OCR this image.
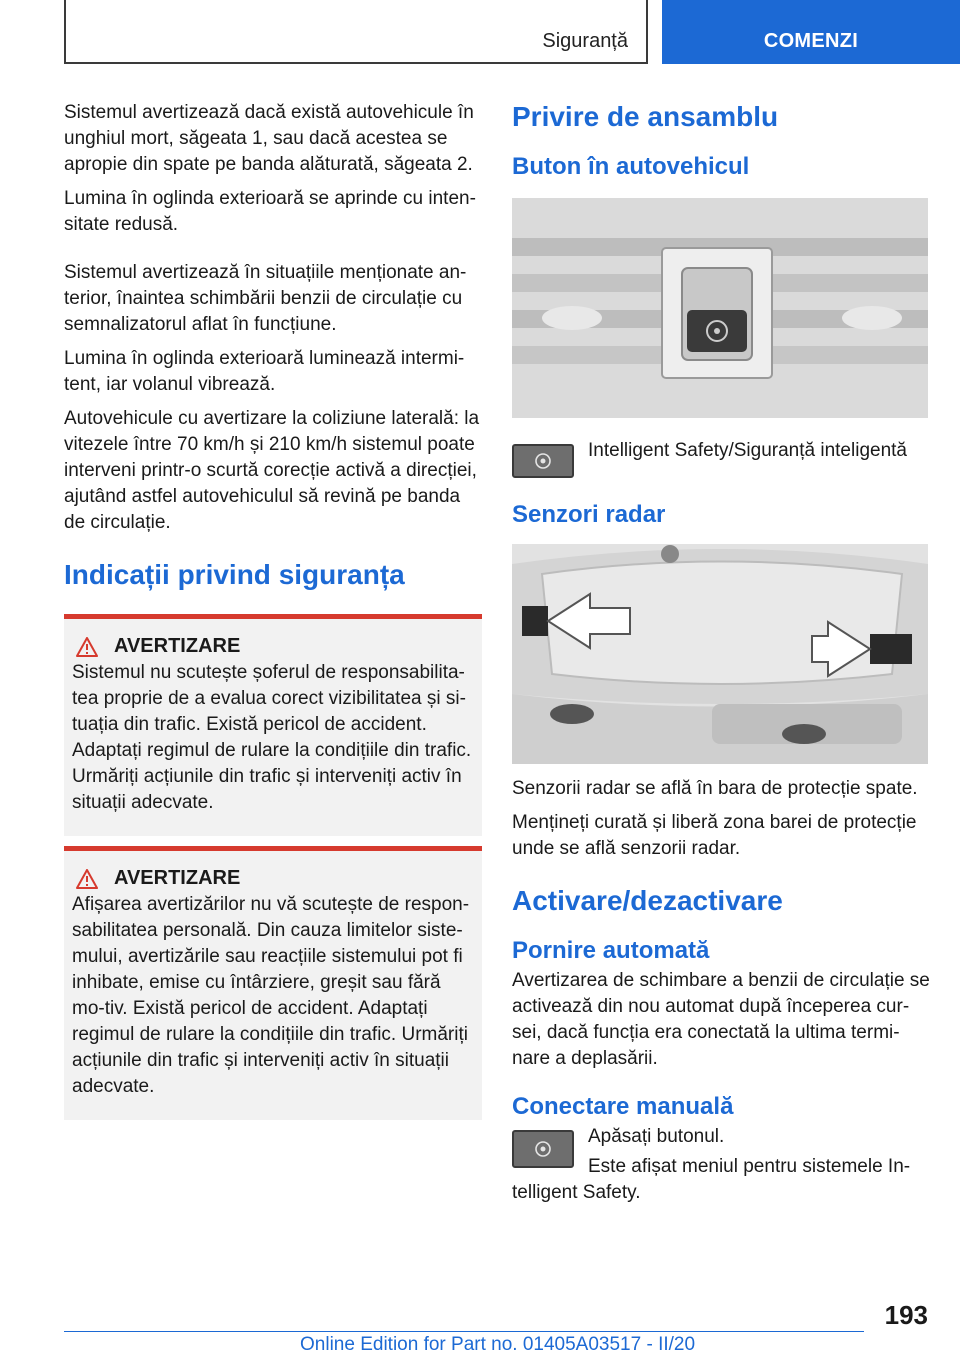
Siguranță	COMENZI

Sistemul avertizează dacă există autovehicule în unghiul mort, săgeata 1, sau dacă acestea se apropie din spate pe banda alăturată, săgeata 2.

Lumina în oglinda exterioară se aprinde cu inten‐sitate redusă.

Sistemul avertizează în situațiile menționate an‐terior, înaintea schimbării benzii de circulație cu semnalizatorul aflat în funcțiune.

Lumina în oglinda exterioară luminează intermi‐tent, iar volanul vibrează.

Autovehicule cu avertizare la coliziune laterală: la vitezele între 70 km/h și 210 km/h sistemul poate interveni printr-o scurtă corecție activă a direcției, ajutând astfel autovehiculul să revină pe banda de circulație.

Indicații privind siguranța
AVERTIZARE

Sistemul nu scutește șoferul de responsabilita‐tea proprie de a evalua corect vizibilitatea și si‐tuația din trafic. Există pericol de accident. Adaptați regimul de rulare la condițiile din trafic. Urmăriți acțiunile din trafic și interveniți activ în situații adecvate.

AVERTIZARE

Afișarea avertizărilor nu vă scutește de respon‐sabilitatea personală. Din cauza limitelor siste‐mului, avertizările sau reacțiile sistemului pot fi inhibate, emise cu întârziere, greșit sau fără mo‐tiv. Există pericol de accident. Adaptați regimul de rulare la condițiile din trafic. Urmăriți acțiunile din trafic și interveniți activ în situații adecvate.

Privire de ansamblu
Buton în autovehicul

Intelligent Safety/Siguranță inteligentă

Senzori radar

Senzorii radar se află în bara de protecție spate.

Mențineți curată și liberă zona barei de protecție unde se află senzorii radar.

Activare/dezactivare
Pornire automată

Avertizarea de schimbare a benzii de circulație se activează din nou automat după începerea cur‐sei, dacă funcția era conectată la ultima termi‐nare a deplasării.

Conectare manuală

Apăsați butonul.

Este afișat meniul pentru sistemele In‐telligent Safety.

193
Online Edition for Part no. 01405A03517 - II/20
